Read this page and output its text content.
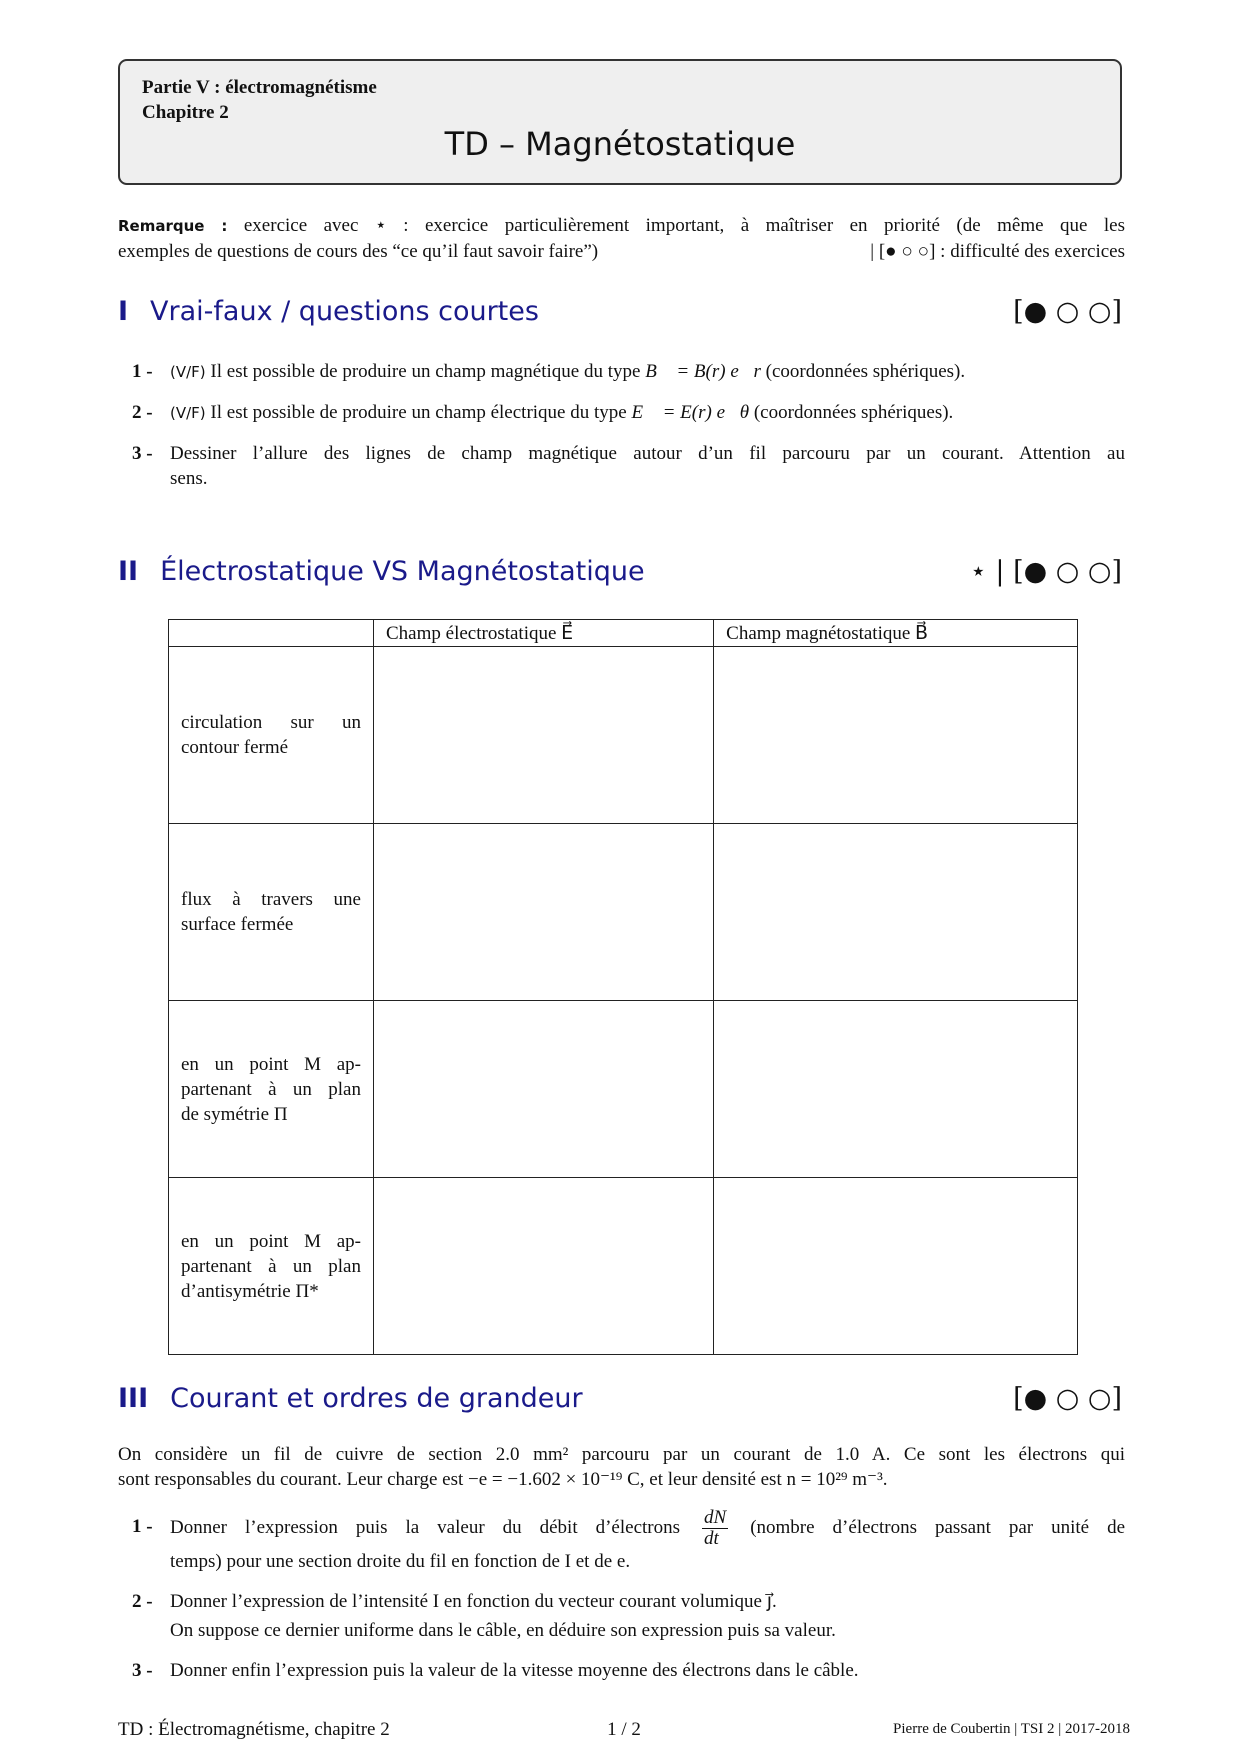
Partie V : électromagnétisme
Chapitre 2
TD – Magnétostatique
Remarque : exercice avec ⋆ : exercice particulièrement important, à maîtriser en priorité (de même que les
exemples de questions de cours des “ce qu’il faut savoir faire”)	| [● ○ ○] : difficulté des exercices
I Vrai-faux / questions courtes	[● ○ ○]
1 - (V/F) Il est possible de produire un champ magnétique du type B⃗ = B(r) e⃗r (coordonnées sphériques).
2 - (V/F) Il est possible de produire un champ électrique du type E⃗ = E(r) e⃗θ (coordonnées sphériques).
3 - Dessiner l’allure des lignes de champ magnétique autour d’un fil parcouru par un courant. Attention au
sens.
II Électrostatique VS Magnétostatique	⋆ | [● ○ ○]
	Champ électrostatique E⃗	Champ magnétostatique B⃗

circulation sur un
contour fermé		

flux à travers une
surface fermée		

en un point M ap-
partenant à un plan
de symétrie Π		

en un point M ap-
partenant à un plan
d’antisymétrie Π*		

III Courant et ordres de grandeur	[● ○ ○]
On considère un fil de cuivre de section 2.0 mm² parcouru par un courant de 1.0 A. Ce sont les électrons qui
sont responsables du courant. Leur charge est −e = −1.602 × 10⁻¹⁹ C, et leur densité est n = 10²⁹ m⁻³.
1 - Donner l’expression puis la valeur du débit d’électrons $\frac{dN}{dt}$ (nombre d’électrons passant par unité de
temps) pour une section droite du fil en fonction de I et de e.
2 - Donner l’expression de l’intensité I en fonction du vecteur courant volumique j⃗.
On suppose ce dernier uniforme dans le câble, en déduire son expression puis sa valeur.
3 - Donner enfin l’expression puis la valeur de la vitesse moyenne des électrons dans le câble.
TD : Électromagnétisme, chapitre 2	1 / 2	Pierre de Coubertin | TSI 2 | 2017-2018
